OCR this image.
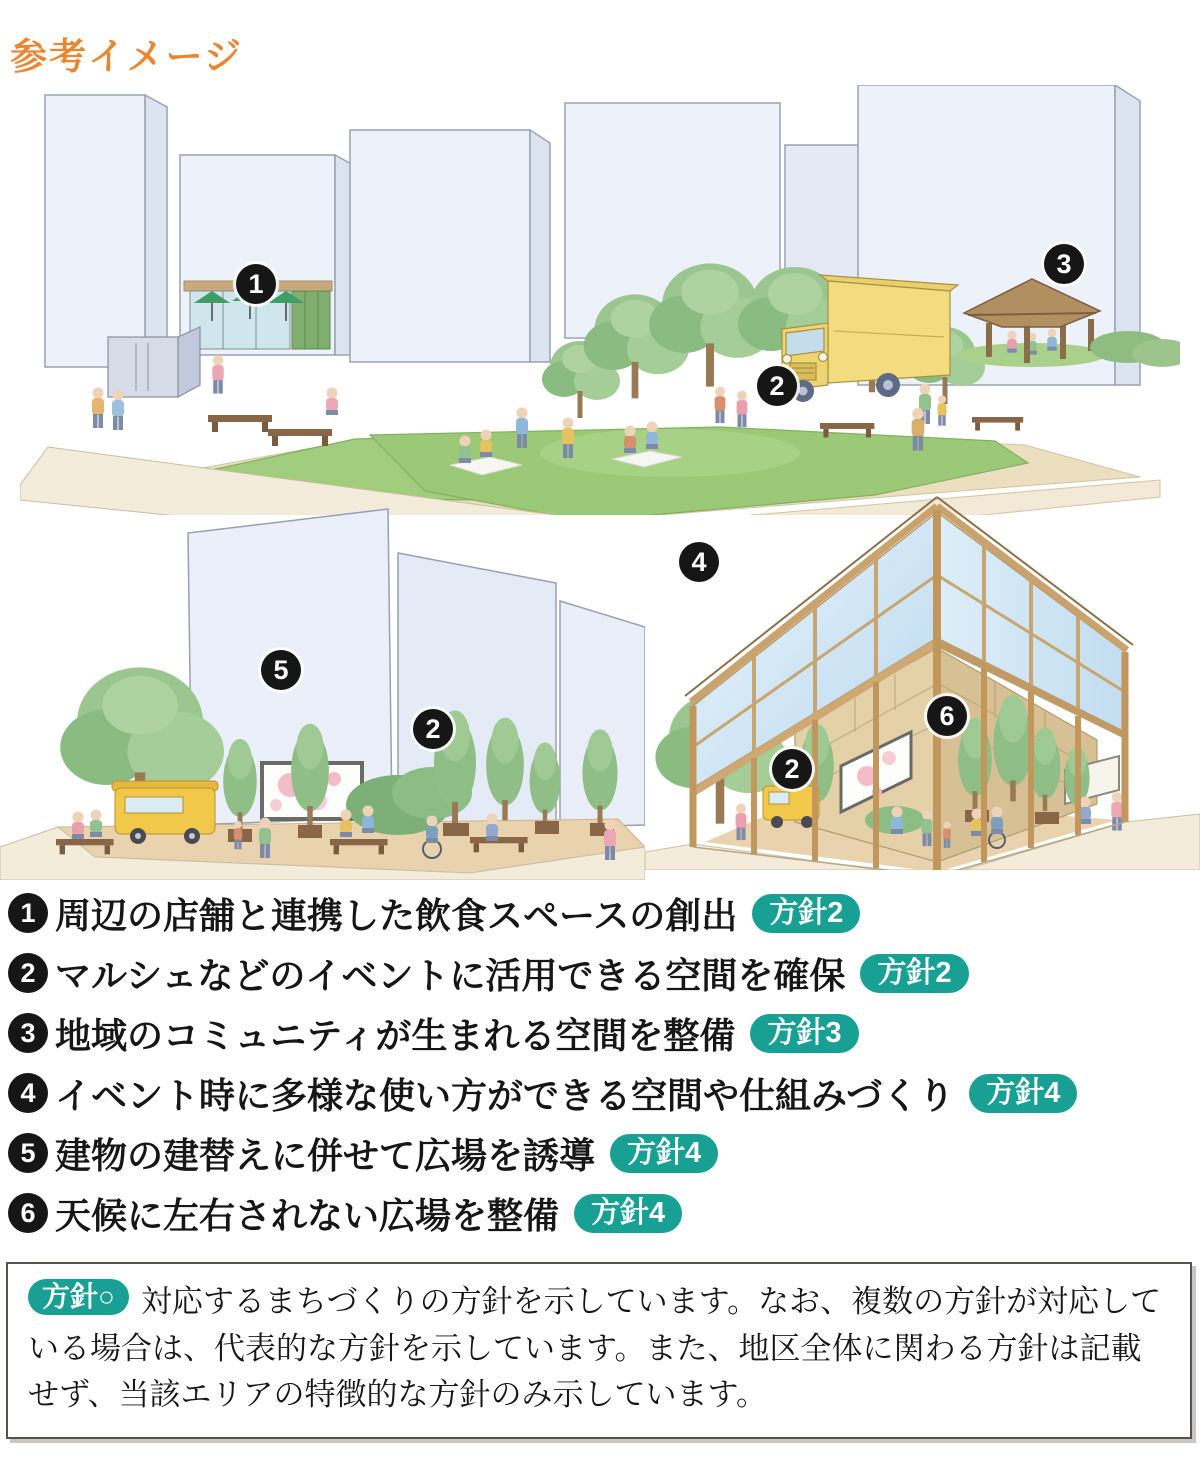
参考イメージ
1
2
3
4
5
2	6
2
1 周辺の店舗と連携した飲食スペースの創出	方針2
2 マルシェなどのイベントに活用できる空間を確保	方針2
3 地域のコミュニティが生まれる空間を整備	方針3
4 イベント時に多様な使い方ができる空間や仕組みづくり	方針4
5 建物の建替えに併せて広場を誘導	方針4
6 天候に左右されない広場を整備	方針4
方針○ 対応するまちづくりの方針を示しています。なお、複数の方針が対応している場合は、代表的な方針を示しています。また、地区全体に関わる方針は記載せず、当該エリアの特徴的な方針のみ示しています。
